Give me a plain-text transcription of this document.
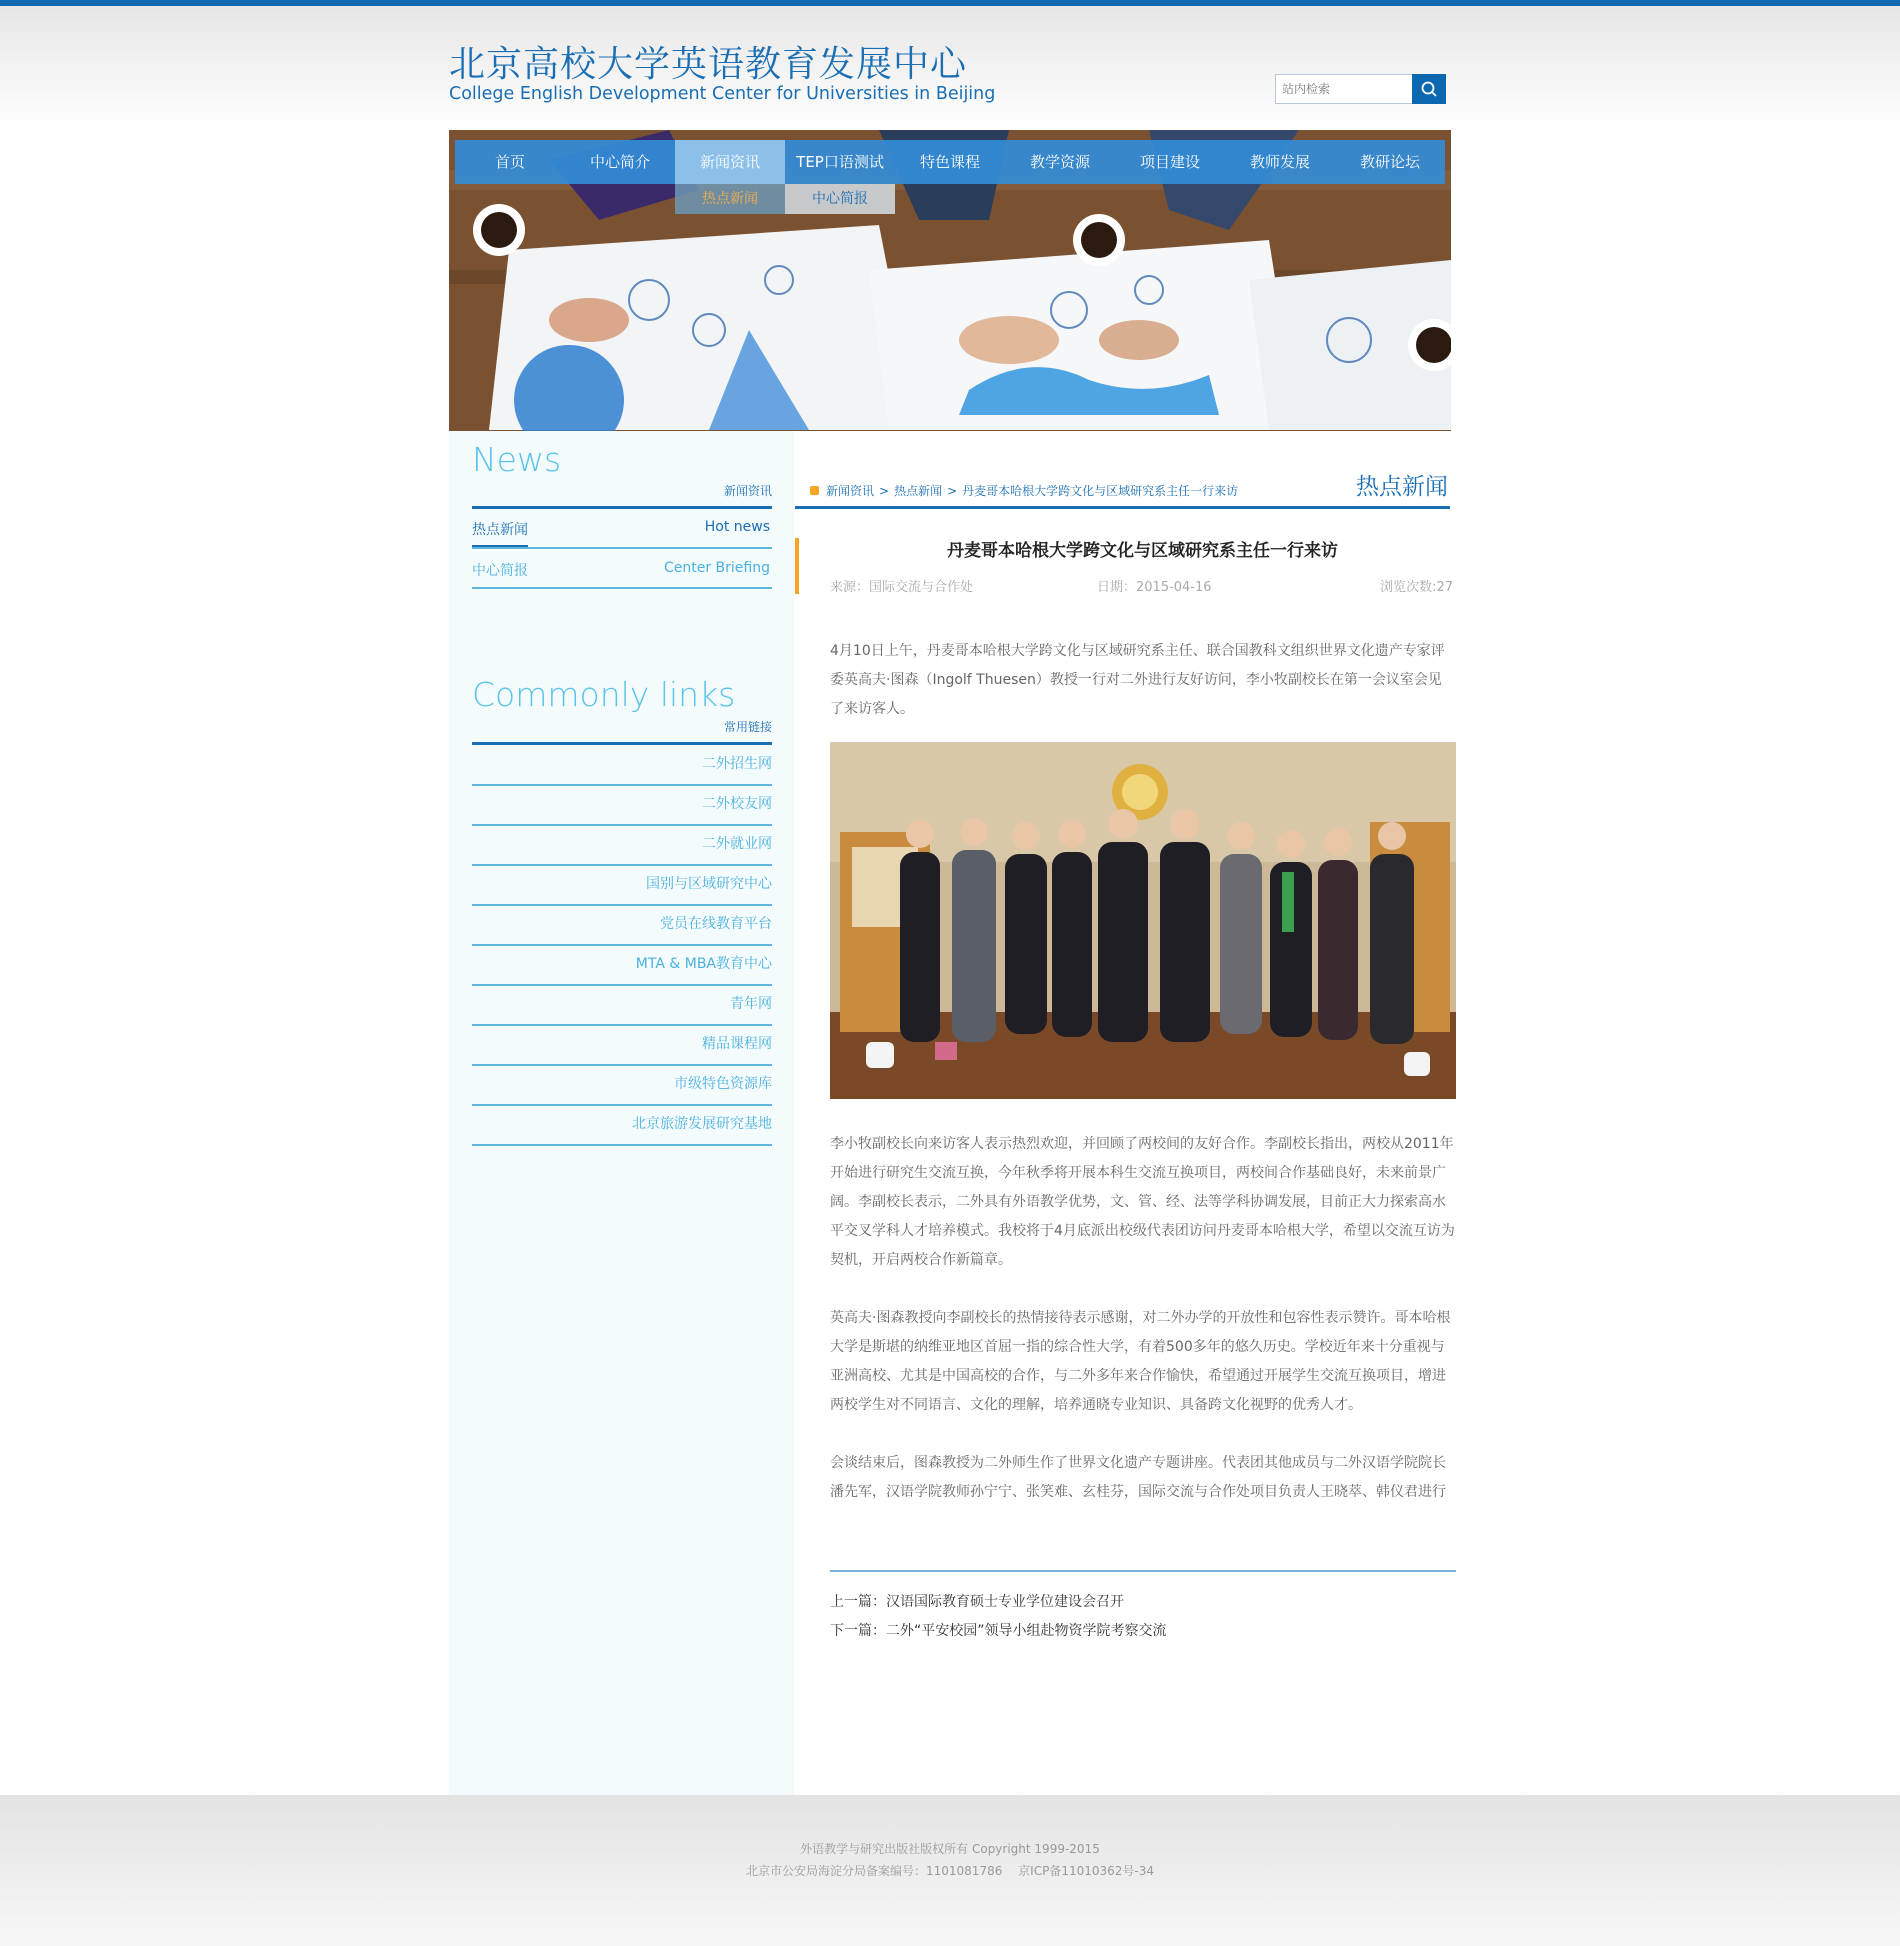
北京高校大学英语教育发展中心
College English Development Center for Universities in Beijing
站内检索
首页	中心简介	新闻资讯	TEP口语测试	特色课程	教学资源	项目建设	教师发展	教研论坛
热点新闻	中心简报
News
新闻资讯
热点新闻	Hot news
中心简报	Center Briefing
Commonly links
常用链接
二外招生网
二外校友网
二外就业网
国别与区域研究中心
党员在线教育平台
MTA & MBA教育中心
青年网
精品课程网
市级特色资源库
北京旅游发展研究基地
新闻资讯 > 热点新闻 > 丹麦哥本哈根大学跨文化与区域研究系主任一行来访	热点新闻
丹麦哥本哈根大学跨文化与区域研究系主任一行来访
来源：国际交流与合作处	日期：2015-04-16	浏览次数:27

4月10日上午，丹麦哥本哈根大学跨文化与区域研究系主任、联合国教科文组织世界文化遗产专家评委英高夫·图森（Ingolf Thuesen）教授一行对二外进行友好访问，李小牧副校长在第一会议室会见了来访客人。

李小牧副校长向来访客人表示热烈欢迎，并回顾了两校间的友好合作。李副校长指出，两校从2011年开始进行研究生交流互换，今年秋季将开展本科生交流互换项目，两校间合作基础良好，未来前景广阔。李副校长表示，二外具有外语教学优势，文、管、经、法等学科协调发展，目前正大力探索高水平交叉学科人才培养模式。我校将于4月底派出校级代表团访问丹麦哥本哈根大学，希望以交流互访为契机，开启两校合作新篇章。

英高夫·图森教授向李副校长的热情接待表示感谢，对二外办学的开放性和包容性表示赞许。哥本哈根大学是斯堪的纳维亚地区首屈一指的综合性大学，有着500多年的悠久历史。学校近年来十分重视与亚洲高校、尤其是中国高校的合作，与二外多年来合作愉快，希望通过开展学生交流互换项目，增进两校学生对不同语言、文化的理解，培养通晓专业知识、具备跨文化视野的优秀人才。

会谈结束后，图森教授为二外师生作了世界文化遗产专题讲座。代表团其他成员与二外汉语学院院长潘先军，汉语学院教师孙宁宁、张笑难、玄桂芬，国际交流与合作处项目负责人王晓萃、韩仪君进行

上一篇：汉语国际教育硕士专业学位建设会召开
下一篇：二外“平安校园”领导小组赴物资学院考察交流
外语教学与研究出版社版权所有 Copyright 1999-2015
北京市公安局海淀分局备案编号：1101081786　 京ICP备11010362号-34
